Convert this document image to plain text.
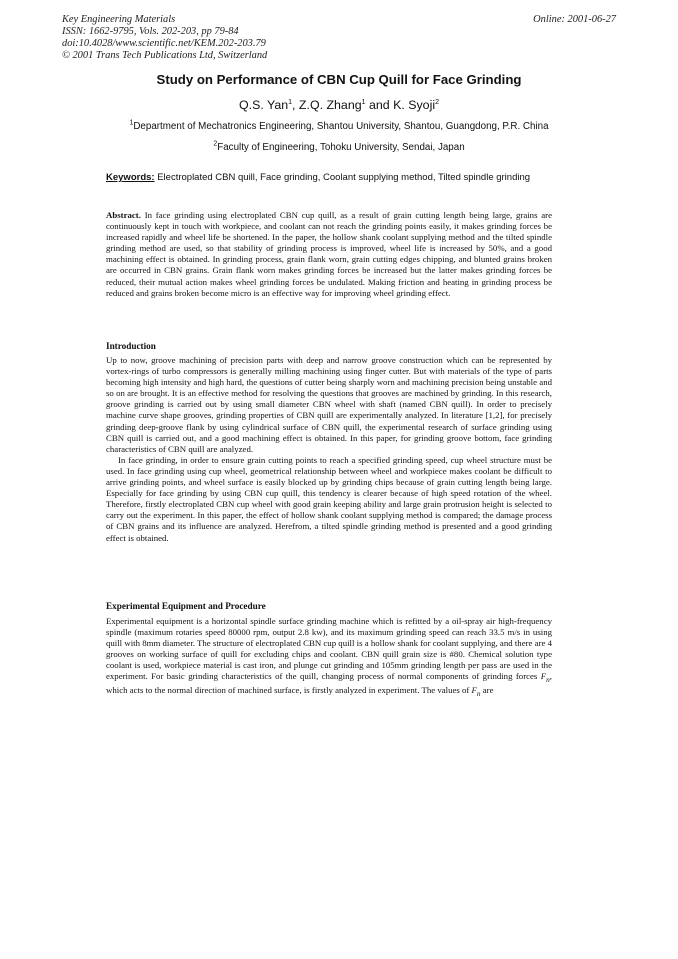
Key Engineering Materials
ISSN: 1662-9795, Vols. 202-203, pp 79-84
doi:10.4028/www.scientific.net/KEM.202-203.79
© 2001 Trans Tech Publications Ltd, Switzerland
Online: 2001-06-27
Study on Performance of CBN Cup Quill for Face Grinding
Q.S. Yan$^1$, Z.Q. Zhang$^1$ and K. Syoji$^2$
$^1$Department of Mechatronics Engineering, Shantou University, Shantou, Guangdong, P.R. China
$^2$Faculty of Engineering, Tohoku University, Sendai, Japan
Keywords: Electroplated CBN quill, Face grinding, Coolant supplying method, Tilted spindle grinding
Abstract. In face grinding using electroplated CBN cup quill, as a result of grain cutting length being large, grains are continuously kept in touch with workpiece, and coolant can not reach the grinding points easily, it makes grinding forces be increased rapidly and wheel life be shortened. In the paper, the hollow shank coolant supplying method and the tilted spindle grinding method are used, so that stability of grinding process is improved, wheel life is increased by 50%, and a good machining effect is obtained. In grinding process, grain flank worn, grain cutting edges chipping, and blunted grains broken are occurred in CBN grains. Grain flank worn makes grinding forces be increased but the latter makes grinding forces be reduced, their mutual action makes wheel grinding forces be undulated. Making friction and heating in grinding process be reduced and grains broken become micro is an effective way for improving wheel grinding effect.
Introduction

Up to now, groove machining of precision parts with deep and narrow groove construction which can be represented by vortex-rings of turbo compressors is generally milling machining using finger cutter. But with materials of the type of parts becoming high intensity and high hard, the questions of cutter being sharply worn and machining precision being unstable and so on are brought. It is an effective method for resolving the questions that grooves are machined by grinding. In this research, groove grinding is carried out by using small diameter CBN wheel with shaft (named CBN quill). In order to precisely machine curve shape grooves, grinding properties of CBN quill are experimentally analyzed. In literature [1,2], for precisely grinding deep-groove flank by using cylindrical surface of CBN quill, the experimental research of surface grinding using CBN quill is carried out, and a good machining effect is obtained. In this paper, for grinding groove bottom, face grinding characteristics of CBN quill are analyzed.

In face grinding, in order to ensure grain cutting points to reach a specified grinding speed, cup wheel structure must be used. In face grinding using cup wheel, geometrical relationship between wheel and workpiece makes coolant be difficult to arrive grinding points, and wheel surface is easily blocked up by grinding chips because of grain cutting length being large. Especially for face grinding by using CBN cup quill, this tendency is clearer because of high speed rotation of the wheel. Therefore, firstly electroplated CBN cup wheel with good grain keeping ability and large grain protrusion height is selected to carry out the experiment. In this paper, the effect of hollow shank coolant supplying method is compared; the damage process of CBN grains and its influence are analyzed. Herefrom, a tilted spindle grinding method is presented and a good grinding effect is obtained.

Experimental Equipment and Procedure
Experimental equipment is a horizontal spindle surface grinding machine which is refitted by a oil-spray air high-frequency spindle (maximum rotaries speed 80000 rpm, output 2.8 kw), and its maximum grinding speed can reach 33.5 m/s in using quill with 8mm diameter. The structure of electroplated CBN cup quill is a hollow shank for coolant supplying, and there are 4 grooves on working surface of quill for excluding chips and coolant. CBN quill grain size is #80. Chemical solution type coolant is used, workpiece material is cast iron, and plunge cut grinding and 105mm grinding length per pass are used in the experiment. For basic grinding characteristics of the quill, changing process of normal components of grinding forces $F_n$, which acts to the normal direction of machined surface, is firstly analyzed in experiment. The values of $F_n$ are
